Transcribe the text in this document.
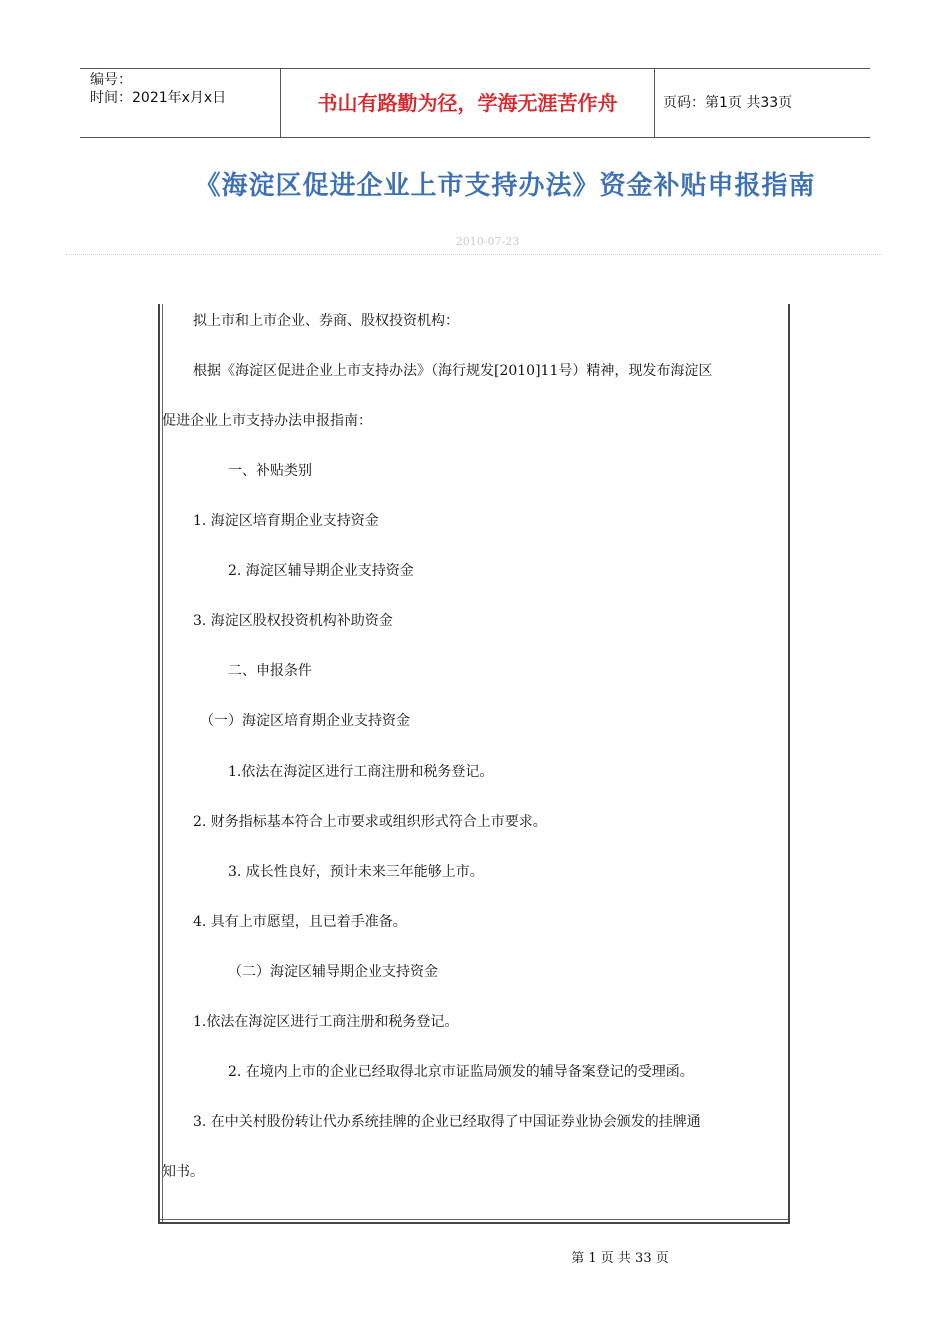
编号：
时间：2021年x月x日	书山有路勤为径，学海无涯苦作舟	页码：第1页 共33页
《海淀区促进企业上市支持办法》资金补贴申报指南
2010-07-23
拟上市和上市企业、券商、股权投资机构：
根据《海淀区促进企业上市支持办法》（海行规发[2010]11号）精神，现发布海淀区
促进企业上市支持办法申报指南：
一、补贴类别
1. 海淀区培育期企业支持资金
2. 海淀区辅导期企业支持资金
3. 海淀区股权投资机构补助资金
二、申报条件
（一）海淀区培育期企业支持资金
1.依法在海淀区进行工商注册和税务登记。
2. 财务指标基本符合上市要求或组织形式符合上市要求。
3. 成长性良好，预计未来三年能够上市。
4. 具有上市愿望，且已着手准备。
（二）海淀区辅导期企业支持资金
1.依法在海淀区进行工商注册和税务登记。
2. 在境内上市的企业已经取得北京市证监局颁发的辅导备案登记的受理函。
3. 在中关村股份转让代办系统挂牌的企业已经取得了中国证券业协会颁发的挂牌通
知书。
第 1 页 共 33 页
